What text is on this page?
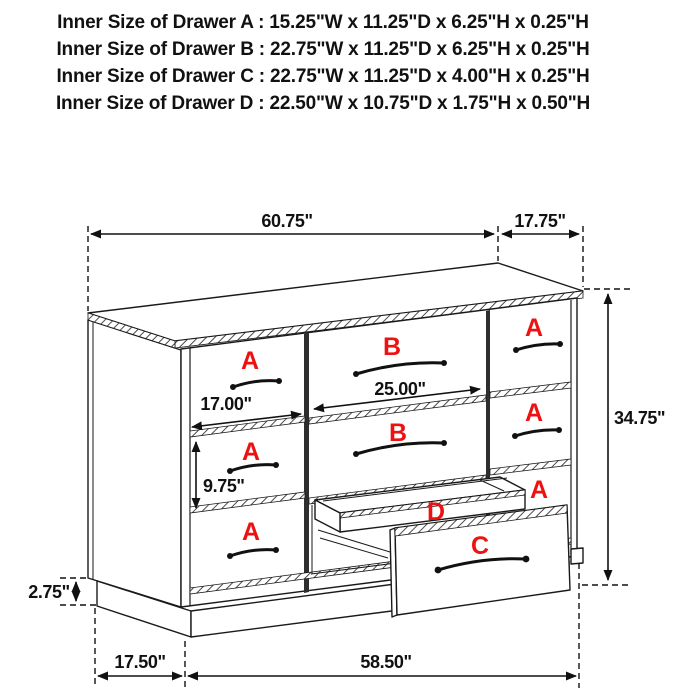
Inner Size of Drawer A : 15.25"W x 11.25"D x 6.25"H x 0.25"H
Inner Size of Drawer B : 22.75"W x 11.25"D x 6.25"H x 0.25"H
Inner Size of Drawer C : 22.75"W x 11.25"D x 4.00"H x 0.25"H
Inner Size of Drawer D : 22.50"W x 10.75"D x 1.75"H x 0.50"H
60.75"	17.75"
A
A
A
B
B
A
A
A
D
C
17.00"
25.00"
9.75"
34.75"
2.75"
17.50"	58.50"
